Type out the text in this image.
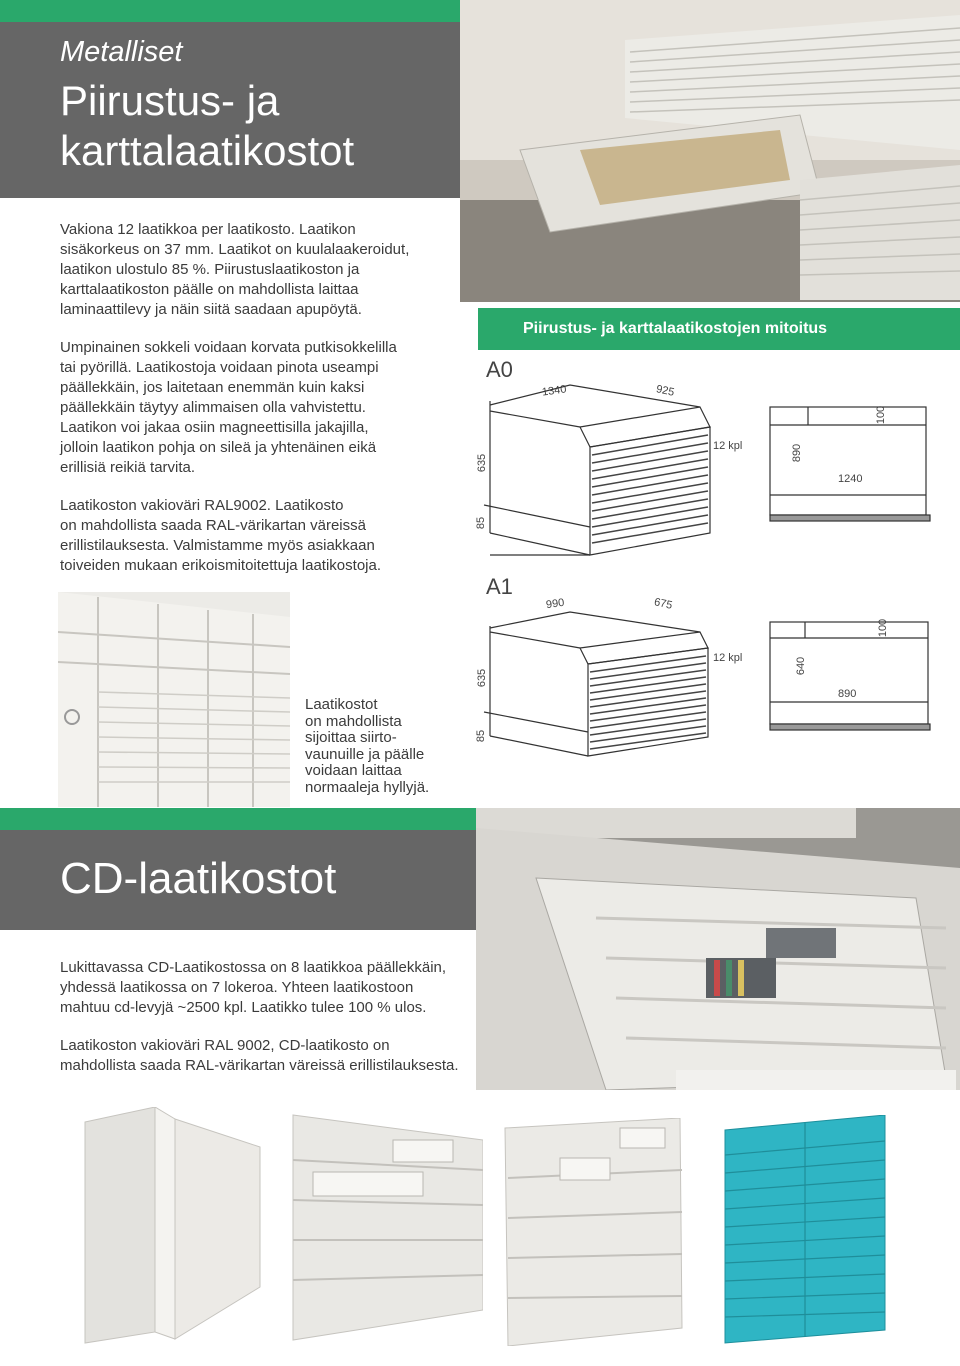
Metalliset
Piirustus- ja
karttalaatikostot
Vakiona 12 laatikkoa per laatikosto. Laatikon
sisäkorkeus on 37 mm. Laatikot on kuulalaakeroidut,
laatikon ulostulo 85 %. Piirustuslaatikoston ja
karttalaatikoston päälle on mahdollista laittaa
laminaattilevy ja näin siitä saadaan apupöytä.
Umpinainen sokkeli voidaan korvata putkisokkelilla
tai pyörillä. Laatikostoja voidaan pinota useampi
päällekkäin, jos laitetaan enemmän kuin kaksi
päällekkäin täytyy alimmaisen olla vahvistettu.
Laatikon voi jakaa osiin magneettisilla jakajilla,
jolloin laatikon pohja on sileä ja yhtenäinen eikä
erillisiä reikiä tarvita.
Laatikoston vakioväri RAL9002. Laatikosto
on mahdollista saada RAL-värikartan väreissä
erillistilauksesta. Valmistamme myös asiakkaan
toiveiden mukaan erikoismitoitettuja laatikostoja.
Piirustus- ja karttalaatikostojen mitoitus
A0
1340	925
635
85
12 kpl	890
1240
100
A1
990	675
635
85
12 kpl	640
890
100
Laatikostot
on mahdollista
sijoittaa siirto-
vaunuille ja päälle
voidaan laittaa
normaaleja hyllyjä.
CD-laatikostot
Lukittavassa CD-Laatikostossa on 8 laatikkoa päällekkäin,
yhdessä laatikossa on 7 lokeroa. Yhteen laatikostoon
mahtuu cd-levyjä ~2500 kpl. Laatikko tulee 100 % ulos.
Laatikoston vakioväri RAL 9002, CD-laatikosto on
mahdollista saada RAL-värikartan väreissä erillistilauksesta.
